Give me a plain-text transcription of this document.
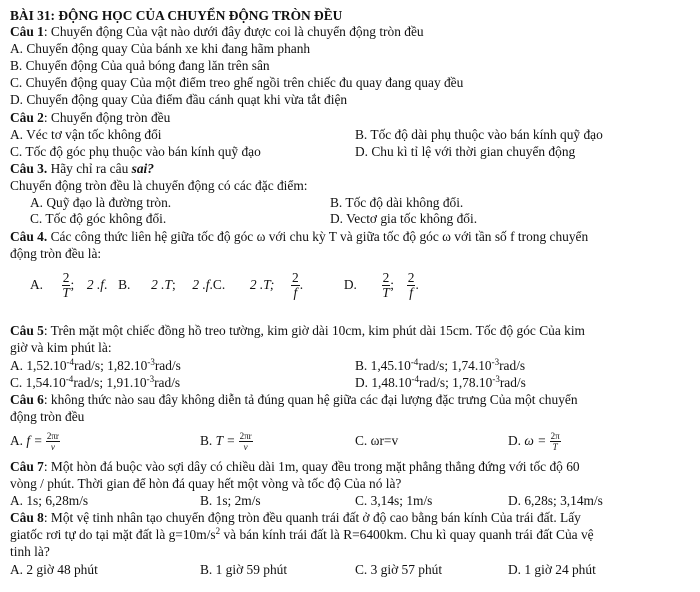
BÀI 31: ĐỘNG HỌC CỦA CHUYỂN ĐỘNG TRÒN ĐỀU
Câu 1: Chuyển động Của vật nào dưới đây được coi là chuyển động tròn đều
A. Chuyển động quay Của bánh xe khi đang hãm phanh
B. Chuyển động Của quả bóng đang lăn trên sân
C. Chuyển động quay Của một điểm treo ghế ngồi trên chiếc đu quay đang quay đều
D. Chuyển động quay Của điểm đầu cánh quạt khi vừa tắt điện
Câu 2: Chuyển động tròn đều
A. Véc tơ vận tốc không đổi	B. Tốc độ dài phụ thuộc vào bán kính quỹ đạo
C. Tốc độ góc phụ thuộc vào bán kính quỹ đạo	D. Chu kì tỉ lệ với thời gian chuyển động
Câu 3. Hãy chỉ ra câu sai?
Chuyển động tròn đều là chuyển động có các đặc điểm:
A. Quỹ đạo là đường tròn.	B. Tốc độ dài không đổi.
C. Tốc độ góc không đổi.	D. Vectơ gia tốc không đổi.
Câu 4. Các công thức liên hệ giữa tốc độ góc ω với chu kỳ T và giữa tốc độ góc ω với tần số f trong chuyển
động tròn đều là:
A. $\frac{2}{T}$ ; 2 .f. B. 2 .T; 2 .f.C. 2 .T; $\frac{2}{f}$ .	D. $\frac{2}{T}$ ; $\frac{2}{f}$ .
Câu 5: Trên mặt một chiếc đồng hồ treo tường, kim giờ dài 10cm, kim phút dài 15cm. Tốc độ góc Của kim
giờ và kim phút là:
A. $1,52.10^{-4}rad/s$; $1,82.10^{-3}rad/s$	B. $1,45.10^{-4}rad/s$; $1,74.10^{-3}rad/s$
C. $1,54.10^{-4}rad/s$; $1,91.10^{-3}rad/s$	D. $1,48.10^{-4}rad/s$; $1,78.10^{-3}rad/s$
Câu 6: không thức nào sau đây không diễn tả đúng quan hệ giữa các đại lượng đặc trưng Của một chuyển
động tròn đều
A. $f = \frac{2\pi r}{v}$	B. $T = \frac{2\pi r}{v}$	C. ωr=v	D. $\omega = \frac{2\pi}{T}$
Câu 7: Một hòn đá buộc vào sợi dây có chiều dài 1m, quay đều trong mặt phẳng thẳng đứng với tốc độ 60
vòng / phút. Thời gian để hòn đá quay hết một vòng và tốc độ Của nó là?
A. 1s; 6,28m/s	B. 1s; 2m/s	C. 3,14s; 1m/s	D. 6,28s; 3,14m/s
Câu 8: Một vệ tinh nhân tạo chuyển động tròn đều quanh trái đất ở độ cao bằng bán kính Của trái đất. Lấy
giatốc rơi tự do tại mặt đất là $g=10m/s^2$ và bán kính trái đất là R=6400km. Chu kì quay quanh trái đất Của vệ
tinh là?
A. 2 giờ 48 phút	B. 1 giờ 59 phút	C. 3 giờ 57 phút	D. 1 giờ 24 phút
